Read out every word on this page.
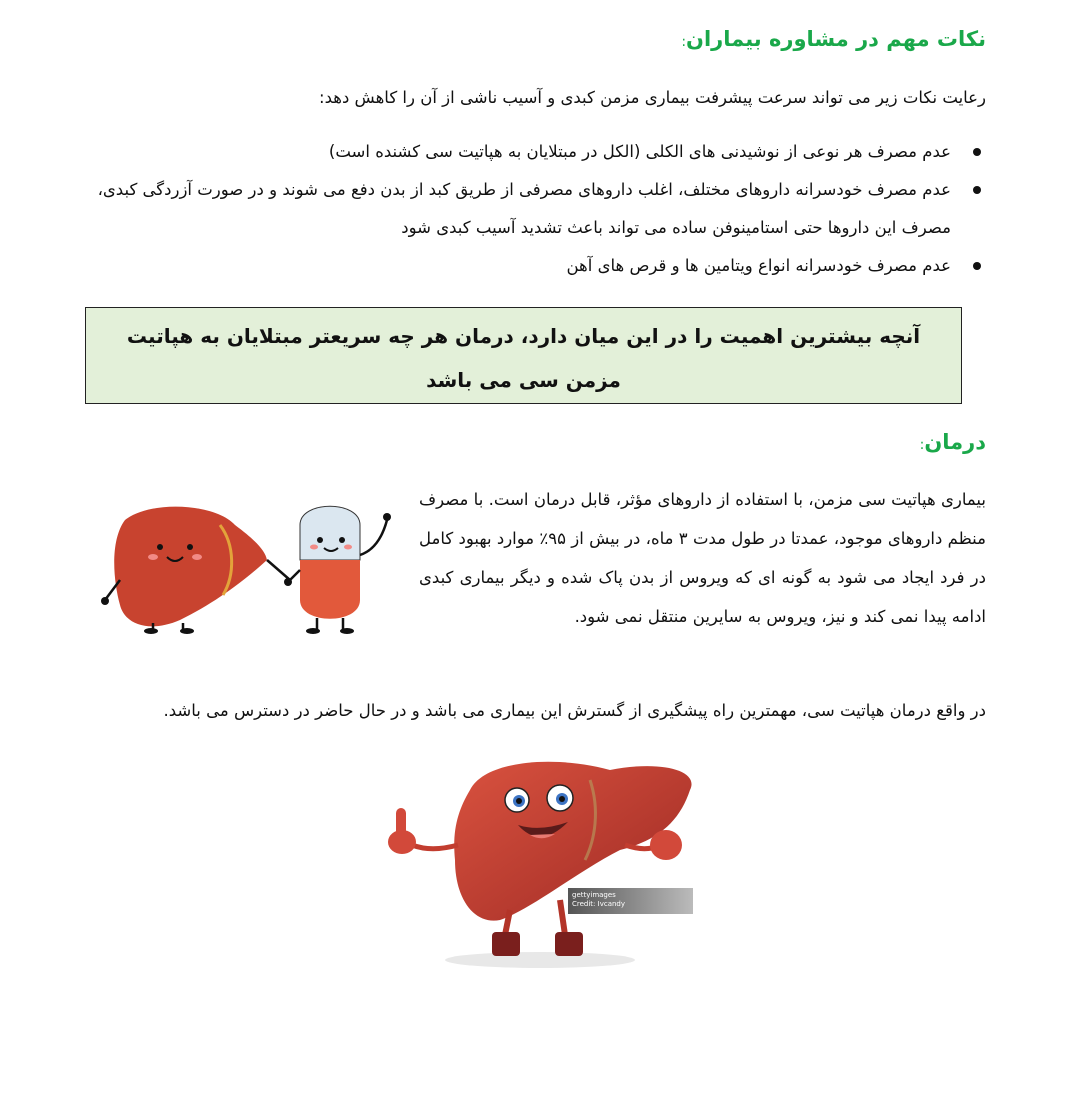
نکات مهم در مشاوره بیماران:
رعایت نکات زیر می تواند سرعت پیشرفت بیماری مزمن کبدی و آسیب ناشی از آن را کاهش دهد:
عدم مصرف هر نوعی از نوشیدنی های الکلی (الکل در مبتلایان به هپاتیت سی کشنده است)
عدم مصرف خودسرانه داروهای مختلف، اغلب داروهای مصرفی از طریق کبد از بدن دفع می شوند و در صورت آزردگی کبدی، مصرف این داروها حتی استامینوفن ساده می تواند باعث تشدید آسیب کبدی شود
عدم مصرف خودسرانه انواع ویتامین ها و قرص های آهن
آنچه بیشترین اهمیت را در این میان دارد، درمان هر چه سریعتر مبتلایان به هپاتیت مزمن سی می باشد
درمان:
بیماری هپاتیت سی مزمن، با استفاده از داروهای مؤثر، قابل درمان است. با مصرف منظم داروهای موجود، عمدتا در طول مدت ۳ ماه، در بیش از ۹۵٪ موارد بهبود کامل در فرد ایجاد می شود به گونه ای که ویروس از بدن پاک شده و دیگر بیماری کبدی ادامه پیدا نمی کند و نیز، ویروس به سایرین منتقل نمی شود.
در واقع درمان هپاتیت سی، مهمترین راه پیشگیری از گسترش این بیماری می باشد و در حال حاضر در دسترس می باشد.
gettyimages
Credit: Ivcandy
